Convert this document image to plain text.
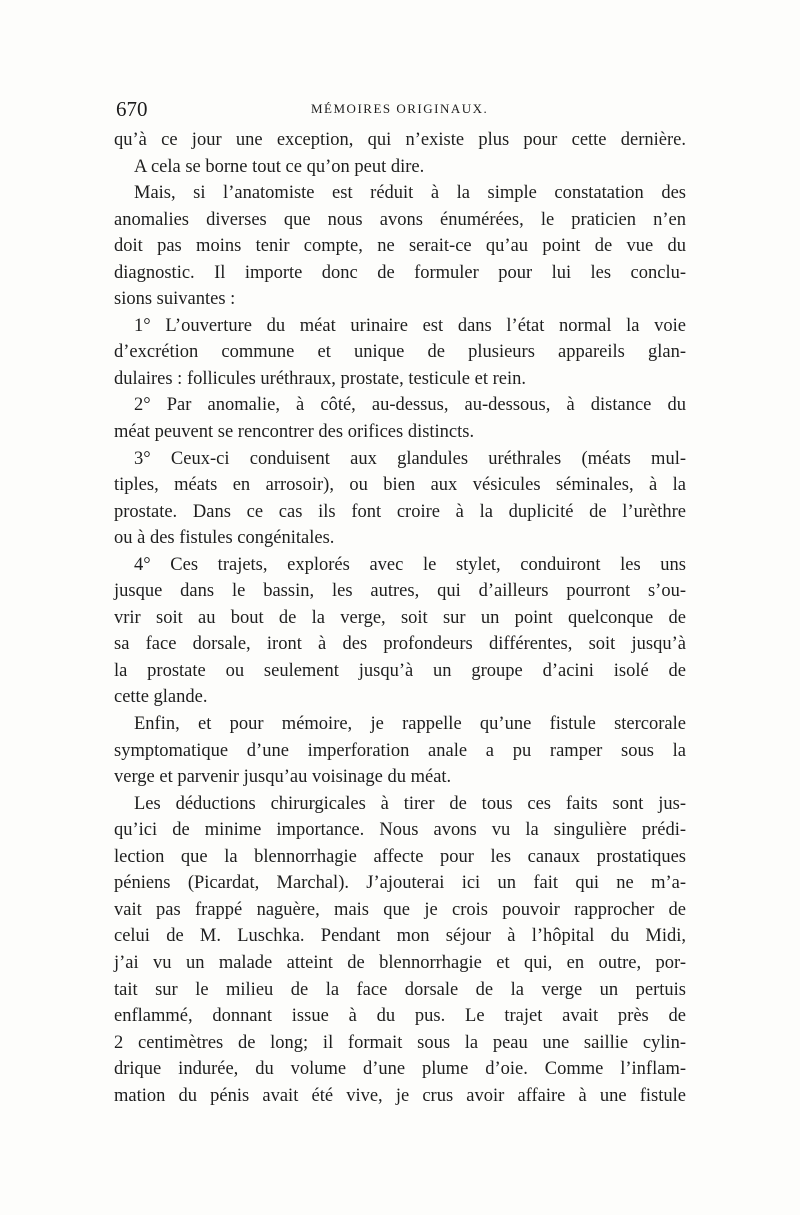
670	MÉMOIRES ORIGINAUX.
qu’à ce jour une exception, qui n’existe plus pour cette dernière.
A cela se borne tout ce qu’on peut dire.
Mais, si l’anatomiste est réduit à la simple constatation des
anomalies diverses que nous avons énumérées, le praticien n’en
doit pas moins tenir compte, ne serait-ce qu’au point de vue du
diagnostic. Il importe donc de formuler pour lui les conclu-
sions suivantes :
1° L’ouverture du méat urinaire est dans l’état normal la voie
d’excrétion commune et unique de plusieurs appareils glan-
dulaires : follicules uréthraux, prostate, testicule et rein.
2° Par anomalie, à côté, au-dessus, au-dessous, à distance du
méat peuvent se rencontrer des orifices distincts.
3° Ceux-ci conduisent aux glandules uréthrales (méats mul-
tiples, méats en arrosoir), ou bien aux vésicules séminales, à la
prostate. Dans ce cas ils font croire à la duplicité de l’urèthre
ou à des fistules congénitales.
4° Ces trajets, explorés avec le stylet, conduiront les uns
jusque dans le bassin, les autres, qui d’ailleurs pourront s’ou-
vrir soit au bout de la verge, soit sur un point quelconque de
sa face dorsale, iront à des profondeurs différentes, soit jusqu’à
la prostate ou seulement jusqu’à un groupe d’acini isolé de
cette glande.
Enfin, et pour mémoire, je rappelle qu’une fistule stercorale
symptomatique d’une imperforation anale a pu ramper sous la
verge et parvenir jusqu’au voisinage du méat.
Les déductions chirurgicales à tirer de tous ces faits sont jus-
qu’ici de minime importance. Nous avons vu la singulière prédi-
lection que la blennorrhagie affecte pour les canaux prostatiques
péniens (Picardat, Marchal). J’ajouterai ici un fait qui ne m’a-
vait pas frappé naguère, mais que je crois pouvoir rapprocher de
celui de M. Luschka. Pendant mon séjour à l’hôpital du Midi,
j’ai vu un malade atteint de blennorrhagie et qui, en outre, por-
tait sur le milieu de la face dorsale de la verge un pertuis
enflammé, donnant issue à du pus. Le trajet avait près de
2 centimètres de long; il formait sous la peau une saillie cylin-
drique indurée, du volume d’une plume d’oie. Comme l’inflam-
mation du pénis avait été vive, je crus avoir affaire à une fistule
